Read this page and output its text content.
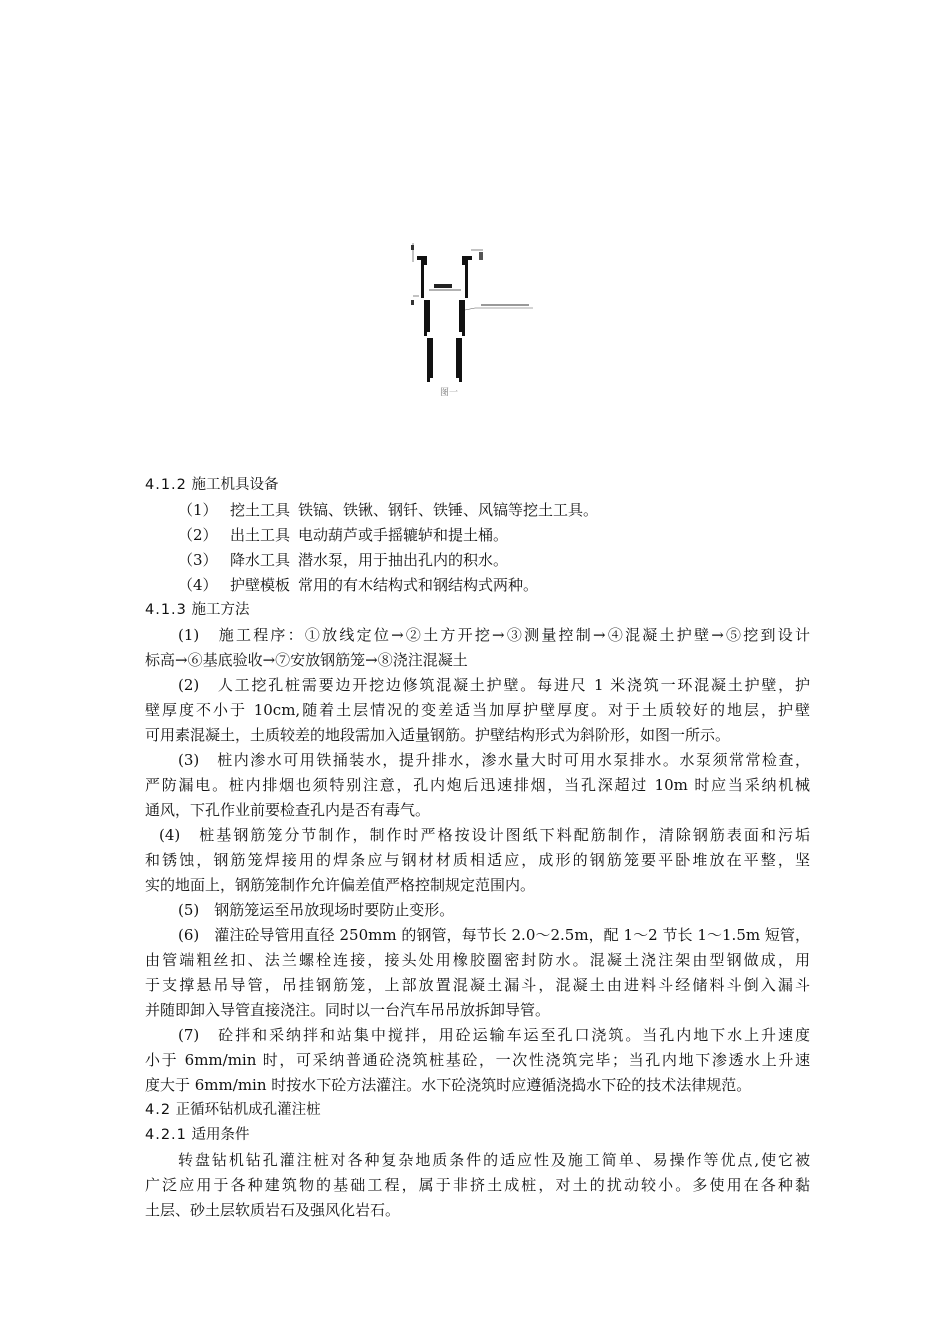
图一
4.1.2 施工机具设备
（1） 挖土工具 铁镐、铁锹、钢钎、铁锤、风镐等挖土工具。
（2） 出土工具 电动葫芦或手摇辘轳和提土桶。
（3） 降水工具 潜水泵，用于抽出孔内的积水。
（4） 护壁模板 常用的有木结构式和钢结构式两种。
4.1.3 施工方法
(1)　施工程序：①放线定位→②土方开挖→③测量控制→④混凝土护壁→⑤挖到设计
标高→⑥基底验收→⑦安放钢筋笼→⑧浇注混凝土
(2)　人工挖孔桩需要边开挖边修筑混凝土护壁。每进尺 1 米浇筑一环混凝土护壁，护
壁厚度不小于 10cm,随着土层情况的变差适当加厚护壁厚度。对于土质较好的地层，护壁
可用素混凝土，土质较差的地段需加入适量钢筋。护壁结构形式为斜阶形，如图一所示。
(3)　桩内渗水可用铁捅装水，提升排水，渗水量大时可用水泵排水。水泵须常常检查，
严防漏电。桩内排烟也须特别注意，孔内炮后迅速排烟，当孔深超过 10m 时应当采纳机械
通风，下孔作业前要检查孔内是否有毒气。
(4)　桩基钢筋笼分节制作，制作时严格按设计图纸下料配筋制作，清除钢筋表面和污垢
和锈蚀，钢筋笼焊接用的焊条应与钢材材质相适应，成形的钢筋笼要平卧堆放在平整，坚
实的地面上，钢筋笼制作允许偏差值严格控制规定范围内。
(5)　钢筋笼运至吊放现场时要防止变形。
(6)　灌注砼导管用直径 250mm 的钢管，每节长 2.0～2.5m，配 1～2 节长 1～1.5m 短管，
由管端粗丝扣、法兰螺栓连接，接头处用橡胶圈密封防水。混凝土浇注架由型钢做成，用
于支撑悬吊导管，吊挂钢筋笼，上部放置混凝土漏斗，混凝土由进料斗经储料斗倒入漏斗
并随即卸入导管直接浇注。同时以一台汽车吊吊放拆卸导管。
(7)　砼拌和采纳拌和站集中搅拌，用砼运输车运至孔口浇筑。当孔内地下水上升速度
小于 6mm/min 时，可采纳普通砼浇筑桩基砼，一次性浇筑完毕；当孔内地下渗透水上升速
度大于 6mm/min 时按水下砼方法灌注。水下砼浇筑时应遵循浇捣水下砼的技术法律规范。
4.2 正循环钻机成孔灌注桩
4.2.1 适用条件
转盘钻机钻孔灌注桩对各种复杂地质条件的适应性及施工简单、易操作等优点,使它被
广泛应用于各种建筑物的基础工程，属于非挤土成桩，对土的扰动较小。多使用在各种黏
土层、砂土层软质岩石及强风化岩石。
